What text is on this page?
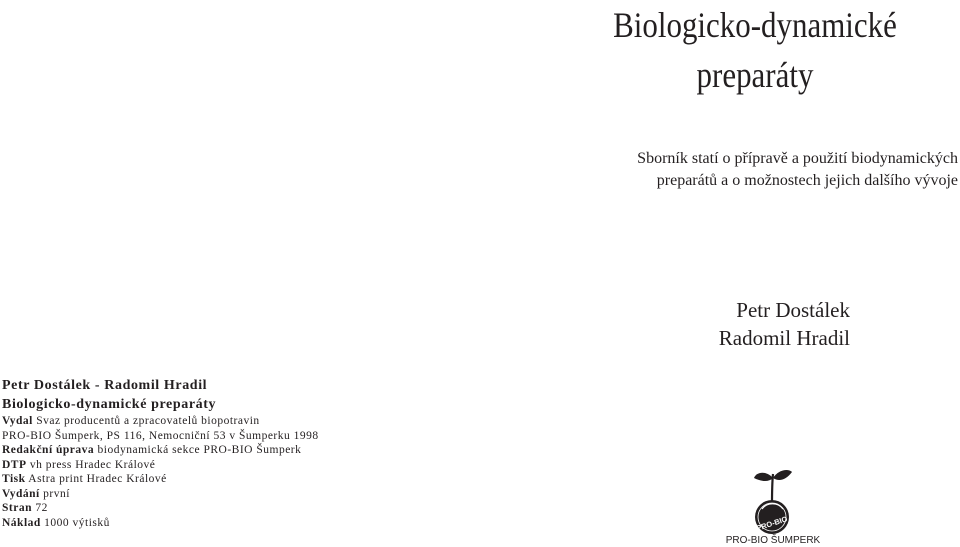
Biologicko-dynamické
preparáty
Sborník statí o přípravě a použití biodynamických
preparátů a o možnostech jejich dalšího vývoje
Petr Dostálek
Radomil Hradil
Petr Dostálek - Radomil Hradil
Biologicko-dynamické preparáty
Vydal Svaz producentů a zpracovatelů biopotravin
PRO-BIO Šumperk, PS 116, Nemocniční 53 v Šumperku 1998
Redakční úprava biodynamická sekce PRO-BIO Šumperk
DTP vh press Hradec Králové
Tisk Astra print Hradec Králové
Vydání první
Stran 72
Náklad 1000 výtisků	PRO-BIO
PRO-BIO ŠUMPERK
